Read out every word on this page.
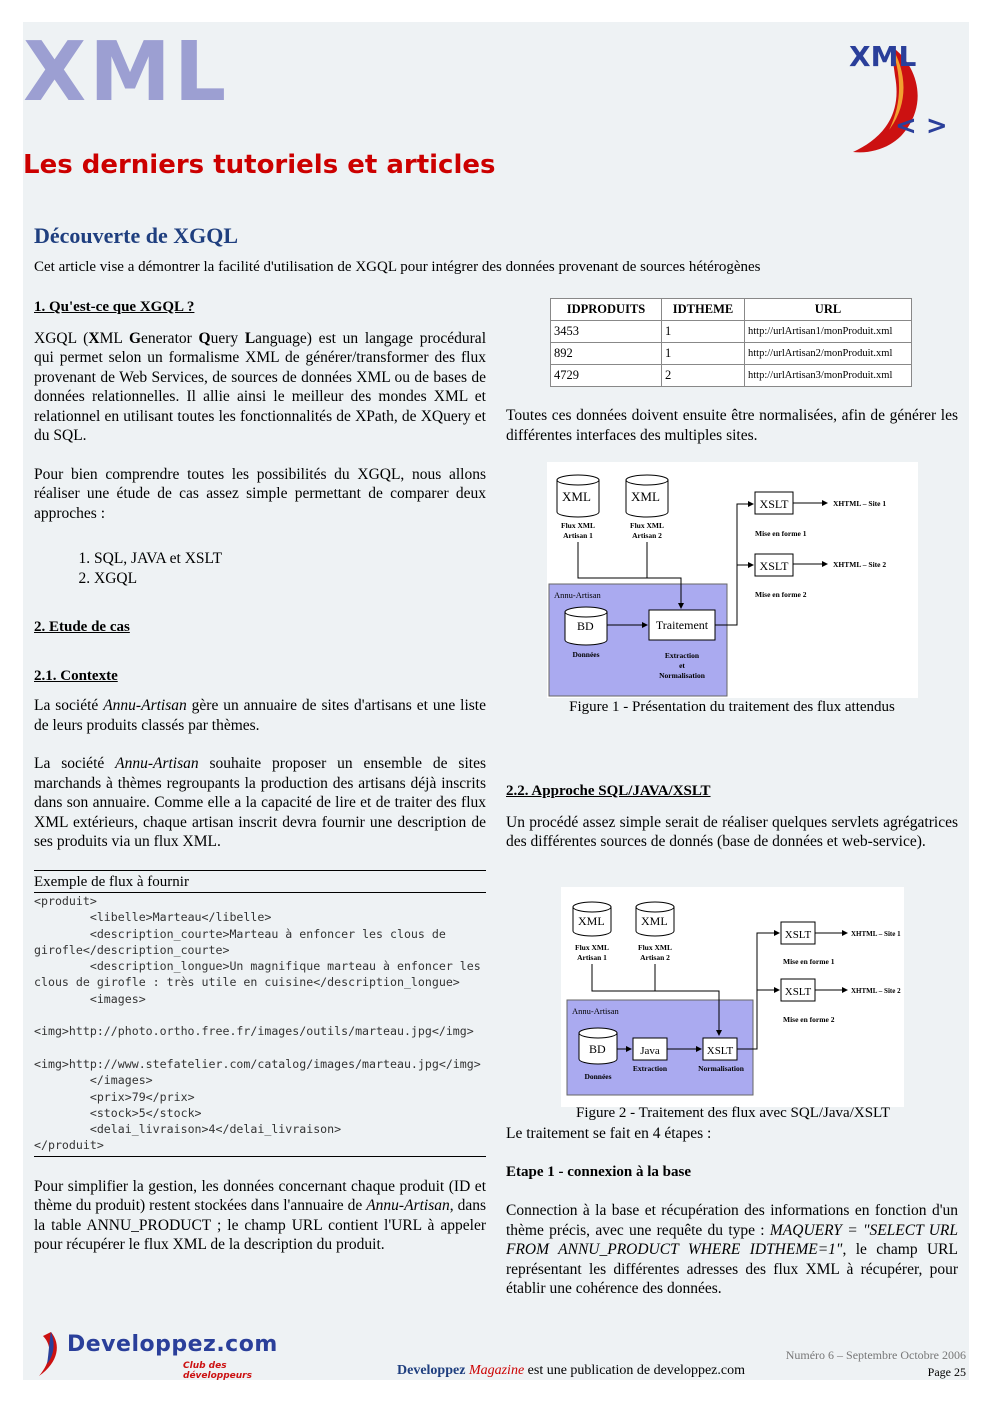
XML
Les derniers tutoriels et articles
XML
< >
Découverte de XGQL
Cet article vise a démontrer la facilité d'utilisation de XGQL pour intégrer des données provenant de sources hétérogènes
1. Qu'est-ce que XGQL ?

XGQL (XML Generator Query Language) est un langage procédural qui permet selon un formalisme XML de générer/transformer des flux provenant de Web Services, de sources de données XML ou de bases de données relationnelles. Il allie ainsi le meilleur des mondes XML et relationnel en utilisant toutes les fonctionnalités de XPath, de XQuery et du SQL.

Pour bien comprendre toutes les possibilités du XGQL, nous allons réaliser une étude de cas assez simple permettant de comparer deux approches :

1. SQL, JAVA et XSLT
2. XGQL
2. Etude de cas
2.1. Contexte

La société Annu-Artisan gère un annuaire de sites d'artisans et une liste de leurs produits classés par thèmes.

La société Annu-Artisan souhaite proposer un ensemble de sites marchands à thèmes regroupants la production des artisans déjà inscrits dans son annuaire. Comme elle a la capacité de lire et de traiter des flux XML extérieurs, chaque artisan inscrit devra fournir une description de ses produits via un flux XML.

Exemple de flux à fournir
<produit>
<libelle>Marteau</libelle>
<description_courte>Marteau à enfoncer les clous de girofle</description_courte>
<description_longue>Un magnifique marteau à enfoncer les clous de girofle : très utile en cuisine</description_longue>
<images>
<img>http://photo.ortho.free.fr/images/outils/marteau.jpg</img>
<img>http://www.stefatelier.com/catalog/images/marteau.jpg</img>
</images>
<prix>79</prix>
<stock>5</stock>
<delai_livraison>4</delai_livraison>
</produit>

Pour simplifier la gestion, les données concernant chaque produit (ID et thème du produit) restent stockées dans l'annuaire de Annu-Artisan, dans la table ANNU_PRODUCT ; le champ URL contient l'URL à appeler pour récupérer le flux XML de la description du produit.

IDPRODUITS	IDTHEME	URL
3453	1	http://urlArtisan1/monProduit.xml
892	1	http://urlArtisan2/monProduit.xml
4729	2	http://urlArtisan3/monProduit.xml

Toutes ces données doivent ensuite être normalisées, afin de générer les différentes interfaces des multiples sites.

Annu-Artisan
XML
Flux XML
Artisan 1
XML
Flux XML
Artisan 2
BD
Données
Traitement
Extraction
et
Normalisation
XSLT
XSLT
XHTML – Site 1
XHTML – Site 2
Mise en forme 1
Mise en forme 2
Figure 1 - Présentation du traitement des flux attendus
2.2. Approche SQL/JAVA/XSLT

Un procédé assez simple serait de réaliser quelques servlets agrégatrices des différentes sources de donnés (base de données et web-service).

Annu-Artisan
XML
Flux XML
Artisan 1
XML
Flux XML
Artisan 2
BD
Données
Java	XSLT
Extraction	Normalisation
XSLT
XSLT
XHTML – Site 1
XHTML – Site 2
Mise en forme 1
Mise en forme 2
Figure 2 - Traitement des flux avec SQL/Java/XSLT

Le traitement se fait en 4 étapes :

Etape 1 - connexion à la base

Connection à la base et récupération des informations en fonction d'un thème précis, avec une requête du type : MAQUERY = "SELECT URL FROM ANNU_PRODUCT WHERE IDTHEME=1", le champ URL représentant les différentes adresses des flux XML à récupérer, pour établir une cohérence des données.

Developpez.com
Club des développeurs
Numéro 6 – Septembre Octobre 2006
Developpez Magazine est une publication de developpez.com	Page 25
